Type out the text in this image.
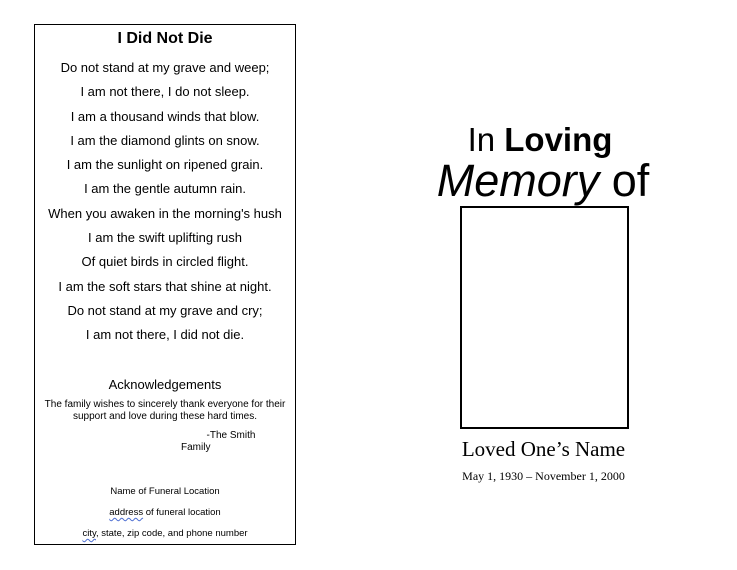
I Did Not Die
Do not stand at my grave and weep;
I am not there, I do not sleep.
I am a thousand winds that blow.
I am the diamond glints on snow.
I am the sunlight on ripened grain.
I am the gentle autumn rain.
When you awaken in the morning's hush
I am the swift uplifting rush
Of quiet birds in circled flight.
I am the soft stars that shine at night.
Do not stand at my grave and cry;
I am not there, I did not die.
Acknowledgements
The family wishes to sincerely thank everyone for their support and love during these hard times.
-The Smith
Family
Name of Funeral Location
address of funeral location
city, state, zip code, and phone number
In Loving
Memory of
Loved One’s Name
May 1, 1930 – November 1, 2000
